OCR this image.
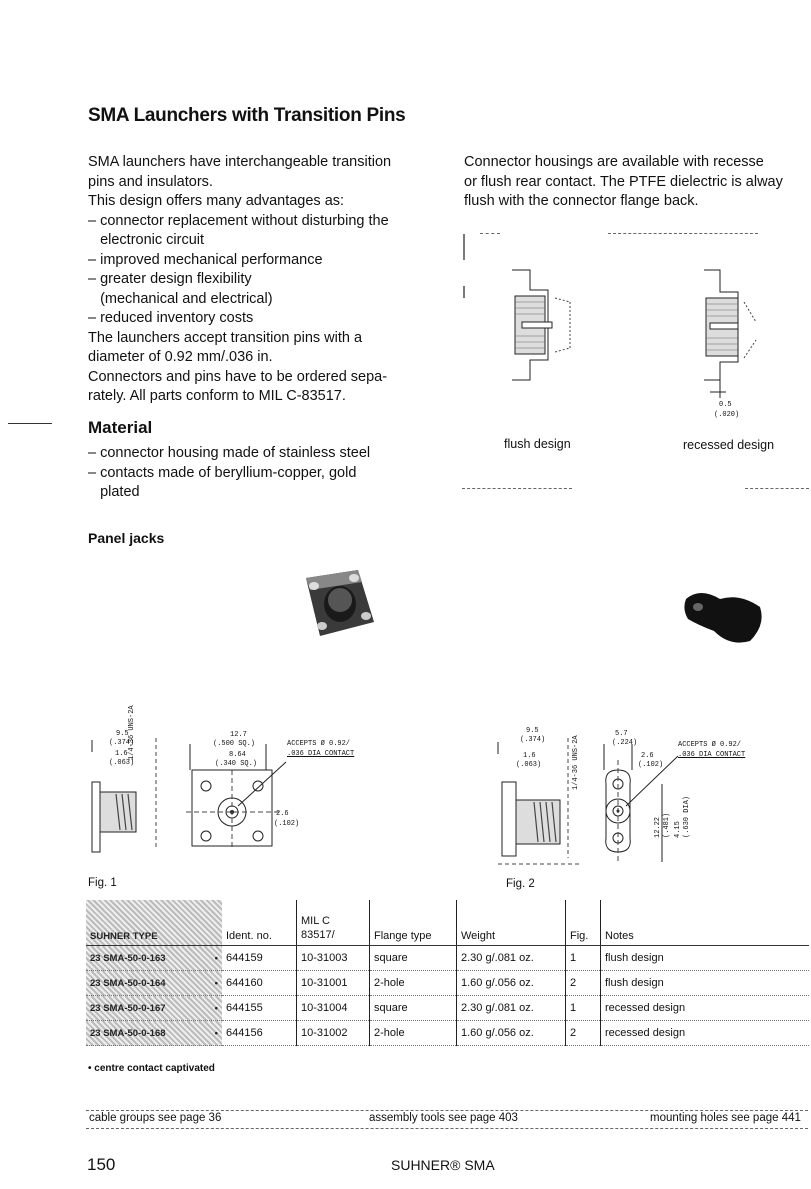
SMA Launchers with Transition Pins
SMA launchers have interchangeable transition
pins and insulators.
This design offers many advantages as:
– connector replacement without disturbing the
electronic circuit
– improved mechanical performance
– greater design flexibility
(mechanical and electrical)
– reduced inventory costs
The launchers accept transition pins with a
diameter of 0.92 mm/.036 in.
Connectors and pins have to be ordered sepa-
rately. All parts conform to MIL C-83517.
Material
– connector housing made of stainless steel
– contacts made of beryllium-copper, gold
plated
Panel jacks
Connector housings are available with recesse
or flush rear contact. The PTFE dielectric is alway
flush with the connector flange back.
0.5
(.020)
flush design	recessed design
9.5
(.374)
1.6
(.063)
1/4-36 UNS-2A	12.7
(.500 SQ.)
8.64
(.340 SQ.)
2.6
(.102)
ACCEPTS Ø 0.92/
.036 DIA CONTACT
Fig. 1
9.5
(.374)
1.6
(.063)	1/4-36 UNS-2A
5.7
(.224)
2.6
(.102)
12.22 (.481) 4.15 (.630 DIA)
ACCEPTS Ø 0.92/
.036 DIA CONTACT
Fig. 2
SUHNER TYPE	Ident. no.	MIL C 83517/	Flange type	Weight	Fig.	Notes
23 SMA-50-0-163 •	644159	10-31003	square	2.30 g/.081 oz.	1	flush design
23 SMA-50-0-164 •	644160	10-31001	2-hole	1.60 g/.056 oz.	2	flush design
23 SMA-50-0-167 •	644155	10-31004	square	2.30 g/.081 oz.	1	recessed design
23 SMA-50-0-168 •	644156	10-31002	2-hole	1.60 g/.056 oz.	2	recessed design
• centre contact captivated
cable groups see page 36	assembly tools see page 403	mounting holes see page 441
150	SUHNER® SMA
